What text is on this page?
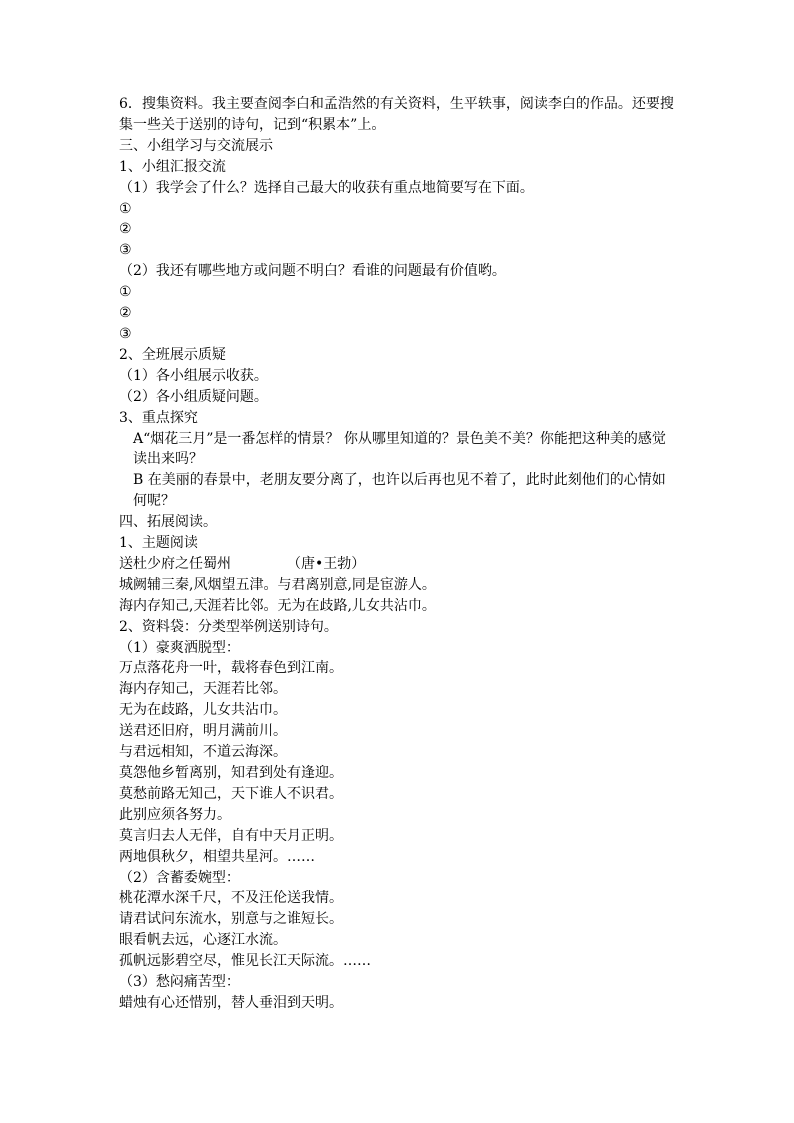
6．搜集资料。我主要查阅李白和孟浩然的有关资料，生平轶事，阅读李白的作品。还要搜集一些关于送别的诗句，记到“积累本”上。
三、小组学习与交流展示
1、小组汇报交流
（1）我学会了什么？选择自己最大的收获有重点地简要写在下面。
①
②
③
（2）我还有哪些地方或问题不明白？看谁的问题最有价值哟。
①
②
③
2、全班展示质疑
（1）各小组展示收获。
（2）各小组质疑问题。
3、重点探究
A“烟花三月”是一番怎样的情景？ 你从哪里知道的？景色美不美？你能把这种美的感觉读出来吗？
B 在美丽的春景中，老朋友要分离了，也许以后再也见不着了，此时此刻他们的心情如何呢？
四、拓展阅读。
1、主题阅读
送杜少府之任蜀州	（唐•王勃）
城阙辅三秦,风烟望五津。与君离别意,同是宦游人。
海内存知己,天涯若比邻。无为在歧路,儿女共沾巾。
2、资料袋：分类型举例送别诗句。
（1）豪爽洒脱型：
万点落花舟一叶，载将春色到江南。
海内存知己，天涯若比邻。
无为在歧路，儿女共沾巾。
送君还旧府，明月满前川。
与君远相知，不道云海深。
莫怨他乡暂离别，知君到处有逢迎。
莫愁前路无知己，天下谁人不识君。
此别应须各努力。
莫言归去人无伴，自有中天月正明。
两地俱秋夕，相望共星河。……
（2）含蓄委婉型：
桃花潭水深千尺，不及汪伦送我情。
请君试问东流水，别意与之谁短长。
眼看帆去远，心逐江水流。
孤帆远影碧空尽，惟见长江天际流。……
（3）愁闷痛苦型：
蜡烛有心还惜别，替人垂泪到天明。
